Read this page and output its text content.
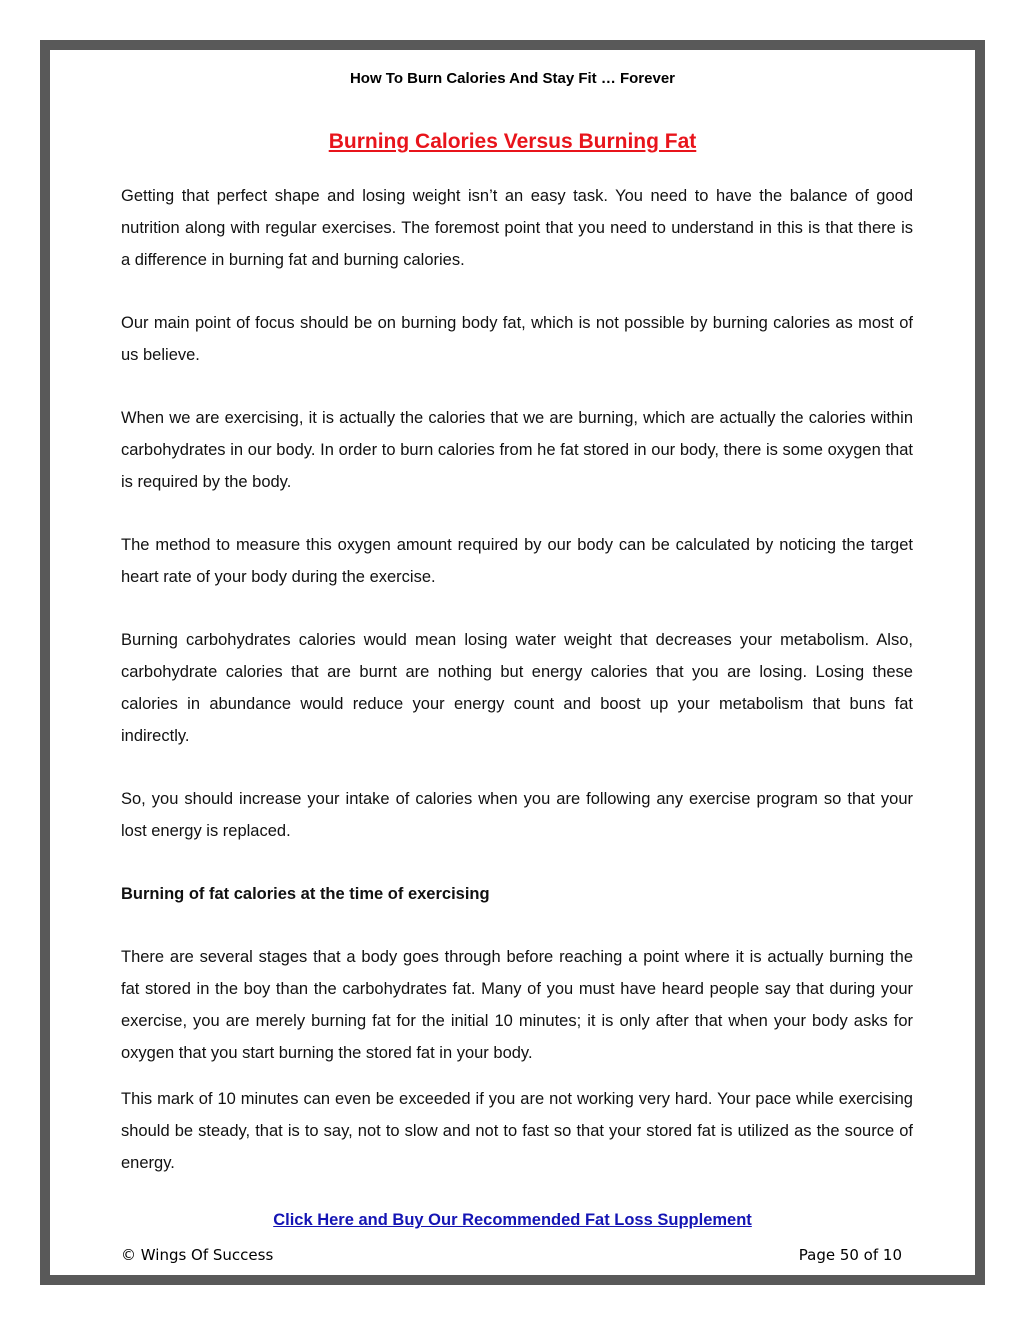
How To Burn Calories And Stay Fit … Forever
Burning Calories Versus Burning Fat

Getting that perfect shape and losing weight isn’t an easy task. You need to have the balance of good nutrition along with regular exercises. The foremost point that you need to understand in this is that there is a difference in burning fat and burning calories.

Our main point of focus should be on burning body fat, which is not possible by burning calories as most of us believe.

When we are exercising, it is actually the calories that we are burning, which are actually the calories within carbohydrates in our body. In order to burn calories from he fat stored in our body, there is some oxygen that is required by the body.

The method to measure this oxygen amount required by our body can be calculated by noticing the target heart rate of your body during the exercise.

Burning carbohydrates calories would mean losing water weight that decreases your metabolism. Also, carbohydrate calories that are burnt are nothing but energy calories that you are losing. Losing these calories in abundance would reduce your energy count and boost up your metabolism that buns fat indirectly.

So, you should increase your intake of calories when you are following any exercise program so that your lost energy is replaced.

Burning of fat calories at the time of exercising

There are several stages that a body goes through before reaching a point where it is actually burning the fat stored in the boy than the carbohydrates fat. Many of you must have heard people say that during your exercise, you are merely burning fat for the initial 10 minutes; it is only after that when your body asks for oxygen that you start burning the stored fat in your body.

This mark of 10 minutes can even be exceeded if you are not working very hard. Your pace while exercising should be steady, that is to say, not to slow and not to fast so that your stored fat is utilized as the source of energy.

Click Here and Buy Our Recommended Fat Loss Supplement
© Wings Of Success	Page 50 of 10
